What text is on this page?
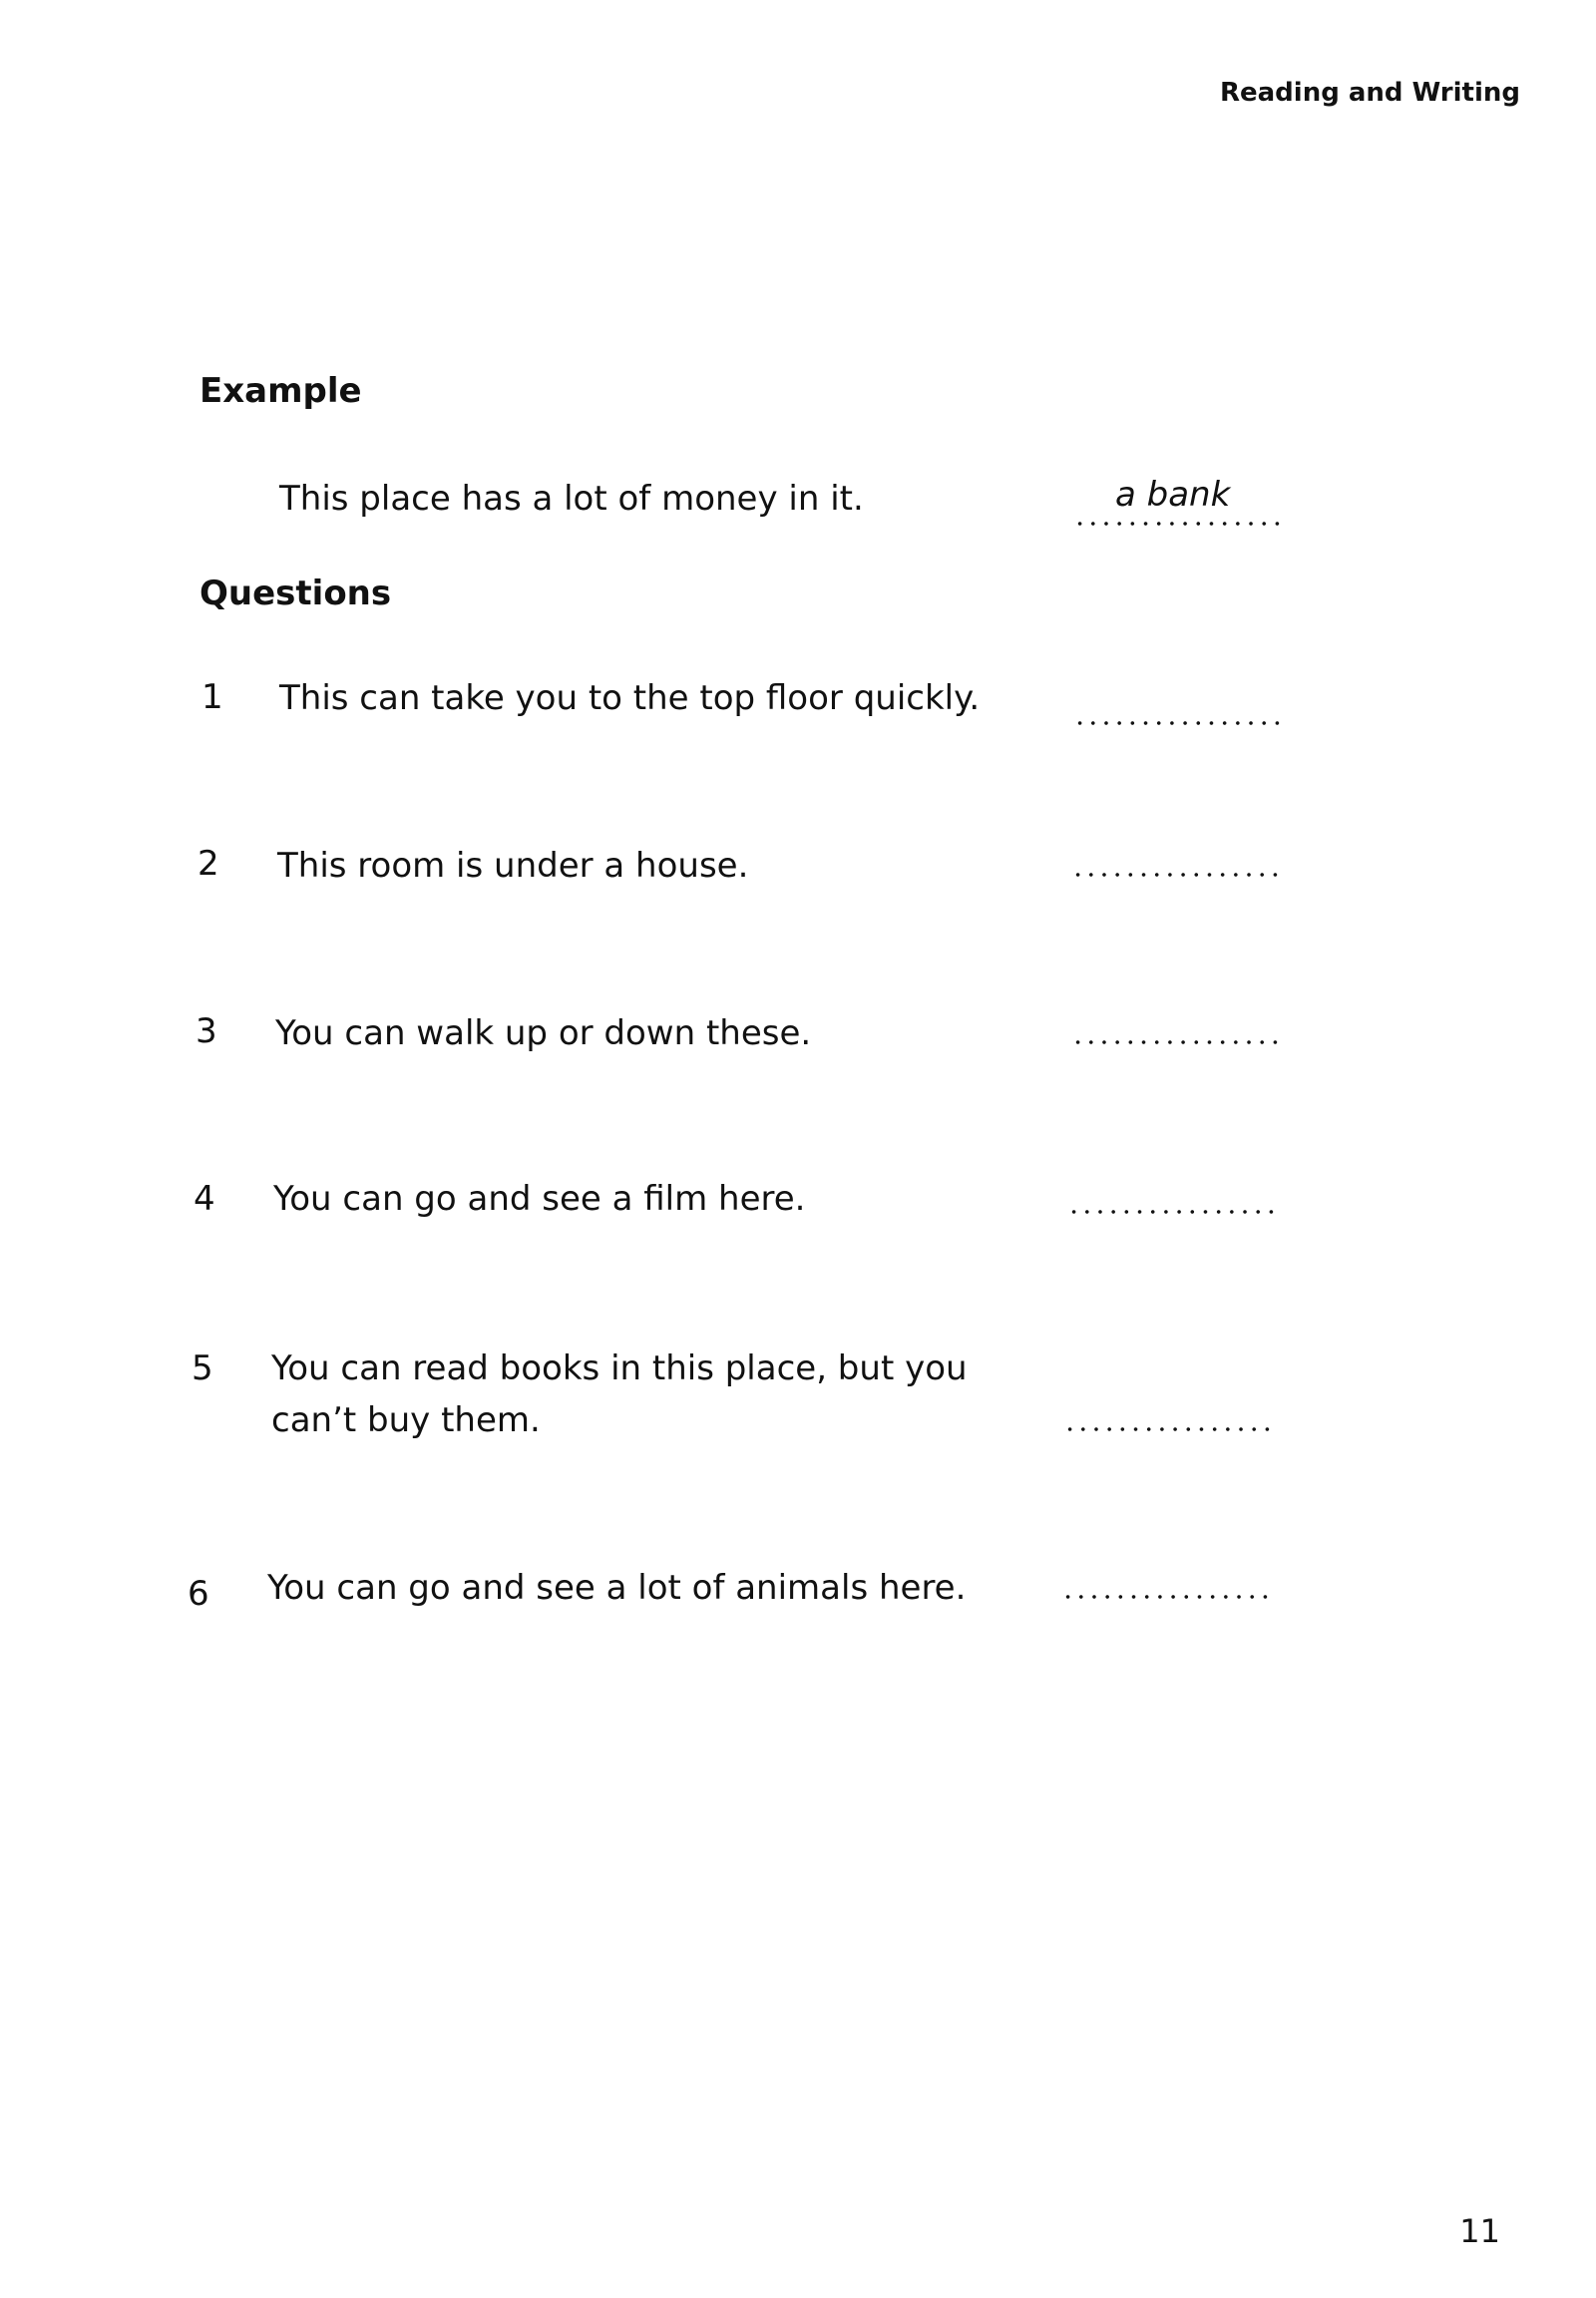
Reading and Writing
Example
This place has a lot of money in it.	a bank
Questions
1 This can take you to the top floor quickly.
2 This room is under a house.
3 You can walk up or down these.
4 You can go and see a film here.
5 You can read books in this place, but you
can’t buy them.
6 You can go and see a lot of animals here.
11
